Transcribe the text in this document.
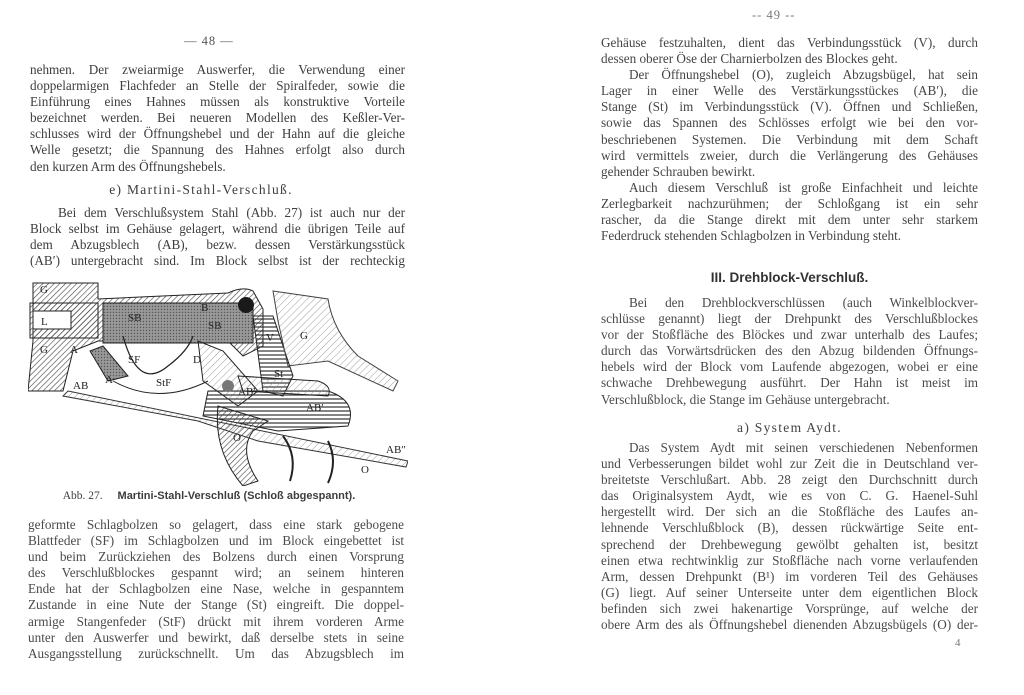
— 48 —
nehmen. Der zweiarmige Auswerfer, die Verwendung einer
doppelarmigen Flachfeder an Stelle der Spiralfeder, sowie die
Einführung eines Hahnes müssen als konstruktive Vorteile
bezeichnet werden. Bei neueren Modellen des Keßler-Ver-
schlusses wird der Öffnungshebel und der Hahn auf die gleiche
Welle gesetzt; die Spannung des Hahnes erfolgt also durch
den kurzen Arm des Öffnungshebels.
e) Martini-Stahl-Verschluß.
Bei dem Verschlußsystem Stahl (Abb. 27) ist auch nur der
Block selbst im Gehäuse gelagert, während die übrigen Teile auf
dem Abzugsblech (AB), bezw. dessen Verstärkungsstück
(AB′) untergebracht sind. Im Block selbst ist der rechteckig
G
L
A
G
A
AB
SB
SF
StF
B
SB
D
V G
St
AB′
AB′
O
AB″
O
Abb. 27. Martini-Stahl-Verschluß (Schloß abgespannt).
geformte Schlagbolzen so gelagert, dass eine stark gebogene
Blattfeder (SF) im Schlagbolzen und im Block eingebettet ist
und beim Zurückziehen des Bolzens durch einen Vorsprung
des Verschlußblockes gespannt wird; an seinem hinteren
Ende hat der Schlagbolzen eine Nase, welche in gespanntem
Zustande in eine Nute der Stange (St) eingreift. Die doppel-
armige Stangenfeder (StF) drückt mit ihrem vorderen Arme
unter den Auswerfer und bewirkt, daß derselbe stets in seine
Ausgangsstellung zurückschnellt. Um das Abzugsblech im
-- 49 --
Gehäuse festzuhalten, dient das Verbindungsstück (V), durch
dessen oberer Öse der Charnierbolzen des Blockes geht.
Der Öffnungshebel (O), zugleich Abzugsbügel, hat sein
Lager in einer Welle des Verstärkungsstückes (AB′), die
Stange (St) im Verbindungsstück (V). Öffnen und Schließen,
sowie das Spannen des Schlösses erfolgt wie bei den vor-
beschriebenen Systemen. Die Verbindung mit dem Schaft
wird vermittels zweier, durch die Verlängerung des Gehäuses
gehender Schrauben bewirkt.
Auch diesem Verschluß ist große Einfachheit und leichte
Zerlegbarkeit nachzurühmen; der Schloßgang ist ein sehr
rascher, da die Stange direkt mit dem unter sehr starkem
Federdruck stehenden Schlagbolzen in Verbindung steht.
III. Drehblock-Verschluß.
Bei den Drehblockverschlüssen (auch Winkelblockver-
schlüsse genannt) liegt der Drehpunkt des Verschlußblockes
vor der Stoßfläche des Blöckes und zwar unterhalb des Laufes;
durch das Vorwärtsdrücken des den Abzug bildenden Öffnungs-
hebels wird der Block vom Laufende abgezogen, wobei er eine
schwache Drehbewegung ausführt. Der Hahn ist meist im
Verschlußblock, die Stange im Gehäuse untergebracht.
a) System Aydt.
Das System Aydt mit seinen verschiedenen Nebenformen
und Verbesserungen bildet wohl zur Zeit die in Deutschland ver-
breitetste Verschlußart. Abb. 28 zeigt den Durchschnitt durch
das Originalsystem Aydt, wie es von C. G. Haenel-Suhl
hergestellt wird. Der sich an die Stoßfläche des Laufes an-
lehnende Verschlußblock (B), dessen rückwärtige Seite ent-
sprechend der Drehbewegung gewölbt gehalten ist, besitzt
einen etwa rechtwinklig zur Stoßfläche nach vorne verlaufenden
Arm, dessen Drehpunkt (B¹) im vorderen Teil des Gehäuses
(G) liegt. Auf seiner Unterseite unter dem eigentlichen Block
befinden sich zwei hakenartige Vorsprünge, auf welche der
obere Arm des als Öffnungshebel dienenden Abzugsbügels (O) der-
4
